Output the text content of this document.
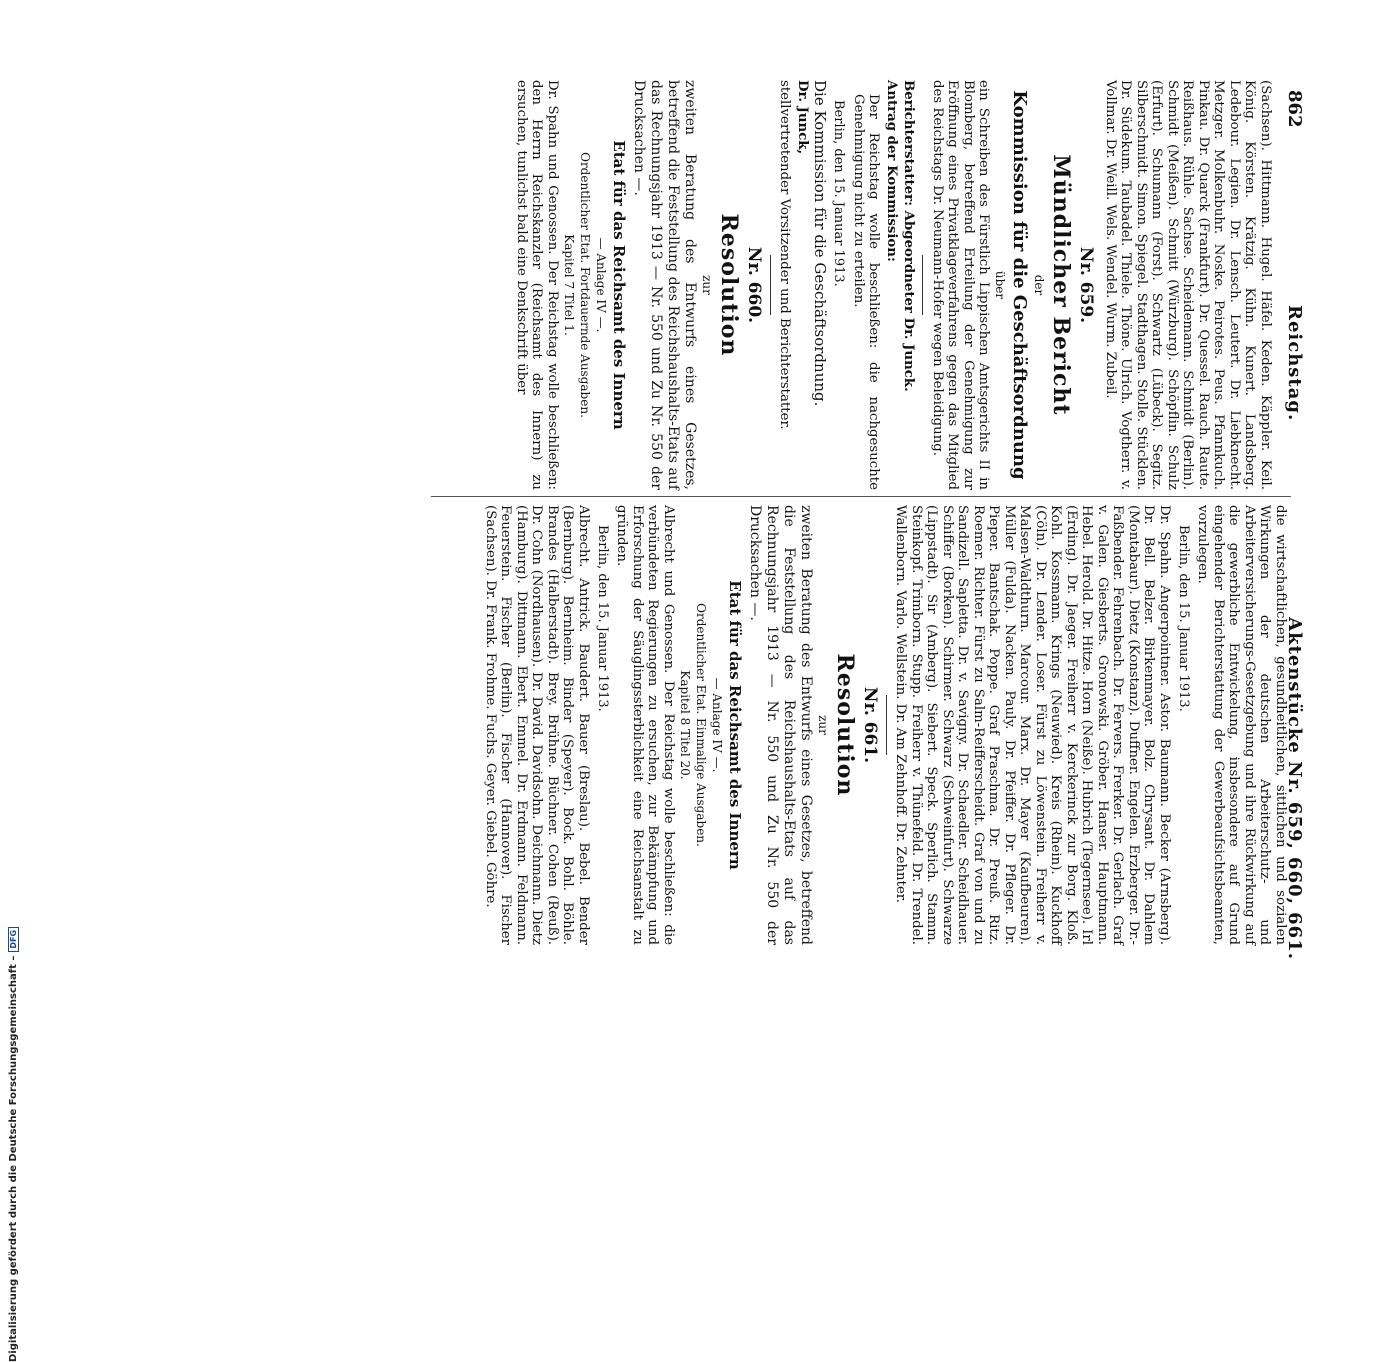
862
Reichstag.
Aktenstücke Nr. 659, 660, 661.

(Sachsen). Hittmann. Hugel. Häfel. Keden. Käppler. Keil. König. Körsten. Krätzig. Kühn. Kunert. Landsberg. Ledebour. Legien. Dr. Lensch. Leutert. Dr. Liebknecht. Metzger. Molkenbuhr. Noske. Peirotes. Peus. Pfannkuch. Pinkau. Dr. Quarck (Frankfurt). Dr. Quessel. Rauch. Raute. Reißhaus. Rühle. Sachse. Scheidemann. Schmidt (Berlin). Schmidt (Meißen). Schmitt (Würzburg). Schöpflin. Schulz (Erfurt). Schumann (Forst). Schwartz (Lübeck). Segitz. Silberschmidt. Simon. Spiegel. Stadthagen. Stolle. Stücklen. Dr. Südekum. Taubadel. Thiele. Thöne. Ulrich. Vogtherr. v. Vollmar. Dr. Weill. Wels. Wendel. Wurm. Zubeil.

Nr. 659.
Mündlicher Bericht
der
Kommission für die Geschäftsordnung
über

ein Schreiben des Fürstlich Lippischen Amtsgerichts II in Blomberg, betreffend Erteilung der Genehmigung zur Eröffnung eines Privatklageverfahrens gegen das Mitglied des Reichstags Dr. Neumann-Hofer wegen Beleidigung.

Berichterstatter: Abgeordneter Dr. Junck.

Antrag der Kommission:

Der Reichstag wolle beschließen: die nachgesuchte Genehmigung nicht zu erteilen.

Berlin, den 15. Januar 1913.

Die Kommission für die Geschäftsordnung.

Dr. Junck,

stellvertretender Vorsitzender und Berichterstatter.

Nr. 660.
Resolution
zur

zweiten Beratung des Entwurfs eines Gesetzes, betreffend die Feststellung des Reichshaushalts-Etats auf das Rechnungsjahr 1913 — Nr. 550 und Zu Nr. 550 der Drucksachen —.

Etat für das Reichsamt des Innern
— Anlage IV —.
Ordentlicher Etat. Fortdauernde Ausgaben.
Kapitel 7 Titel 1.

Dr. Spahn und Genossen. Der Reichstag wolle beschließen: den Herrn Reichskanzler (Reichsamt des Innern) zu ersuchen, tunlichst bald eine Denkschrift über

die wirtschaftlichen, gesundheitlichen, sittlichen und sozialen Wirkungen der deutschen Arbeiterschutz- und Arbeiterversicherungs-Gesetzgebung und ihre Rückwirkung auf die gewerbliche Entwickelung, insbesondere auf Grund eingehender Berichterstattung der Gewerbeaufsichtsbeamten, vorzulegen.

Berlin, den 15. Januar 1913.

Dr. Spahn. Angerpointner. Astor. Baumann. Becker (Arnsberg). Dr. Bell. Belzer. Birkenmayer. Bolz. Chrysant. Dr. Dahlem (Montabaur). Dietz (Konstanz). Duffner. Engelen. Erzberger. Dr.-Faßbender. Fehrenbach. Dr. Fervers. Frerker. Dr. Gerlach. Graf v. Galen. Giesberts. Gronowski. Gröber. Hanser. Hauptmann. Hebel. Herold. Dr. Hitze. Horn (Neiße). Hubrich (Tegernsee). Irl (Erding). Dr. Jaeger. Freiherr v. Kerckerinck zur Borg. Kloß. Kohl. Kossmann. Krings (Neuwied). Kreis (Rhein). Kuckhoff (Cöln). Dr. Lender. Loser. Fürst zu Löwenstein. Freiherr v. Malsen-Waldthurn. Marcour. Marx. Dr. Mayer (Kaufbeuren). Müller (Fulda). Nacken. Pauly. Dr. Pfeiffer. Dr. Pfleger. Dr. Pieper. Bantschak. Poppe. Graf Praschma. Dr. Preuß. Ritz. Roemer. Richter. Fürst zu Salm-Reifferscheidt. Graf von und zu Sandizell. Sapletta. Dr. v. Savigny. Dr. Schaedler. Scheidhauer. Schiffer (Borken). Schirmer. Schwarz (Schweinfurt). Schwarze (Lippstadt). Sir (Amberg). Siebert. Speck. Sperlich. Stamm. Steinkopf. Trimborn. Stupp. Freiherr v. Thünefeld. Dr. Trendel. Wallenborn. Varlo. Wellstein. Dr. Am Zehnhoff. Dr. Zehnter.

Nr. 661.
Resolution
zur

zweiten Beratung des Entwurfs eines Gesetzes, betreffend die Feststellung des Reichshaushalts-Etats auf das Rechnungsjahr 1913 — Nr. 550 und Zu Nr. 550 der Drucksachen —.

Etat für das Reichsamt des Innern
— Anlage IV —.
Ordentlicher Etat. Einmalige Ausgaben.
Kapitel 8 Titel 20.

Albrecht und Genossen. Der Reichstag wolle beschließen: die verbündeten Regierungen zu ersuchen, zur Bekämpfung und Erforschung der Säuglingssterblichkeit eine Reichsanstalt zu gründen.

Berlin, den 15. Januar 1913.

Albrecht. Antrick. Baudert. Bauer (Breslau). Bebel. Bender (Bernburg). Bernheim. Binder (Speyer). Bock. Bohl. Böhle. Brandes (Halberstadt). Brey. Brühne. Büchner. Cohen (Reuß). Dr. Cohn (Nordhausen). Dr. David. Davidsohn. Deichmann. Dietz (Hamburg). Dittmann. Ebert. Emmel. Dr. Erdmann. Feldmann. Feuerstein. Fischer (Berlin). Fischer (Hannover). Fischer (Sachsen). Dr. Frank. Frohme. Fuchs. Geyer. Giebel. Göhre.

Digitalisierung gefördert durch die Deutsche Forschungsgemeinschaft –DFG
